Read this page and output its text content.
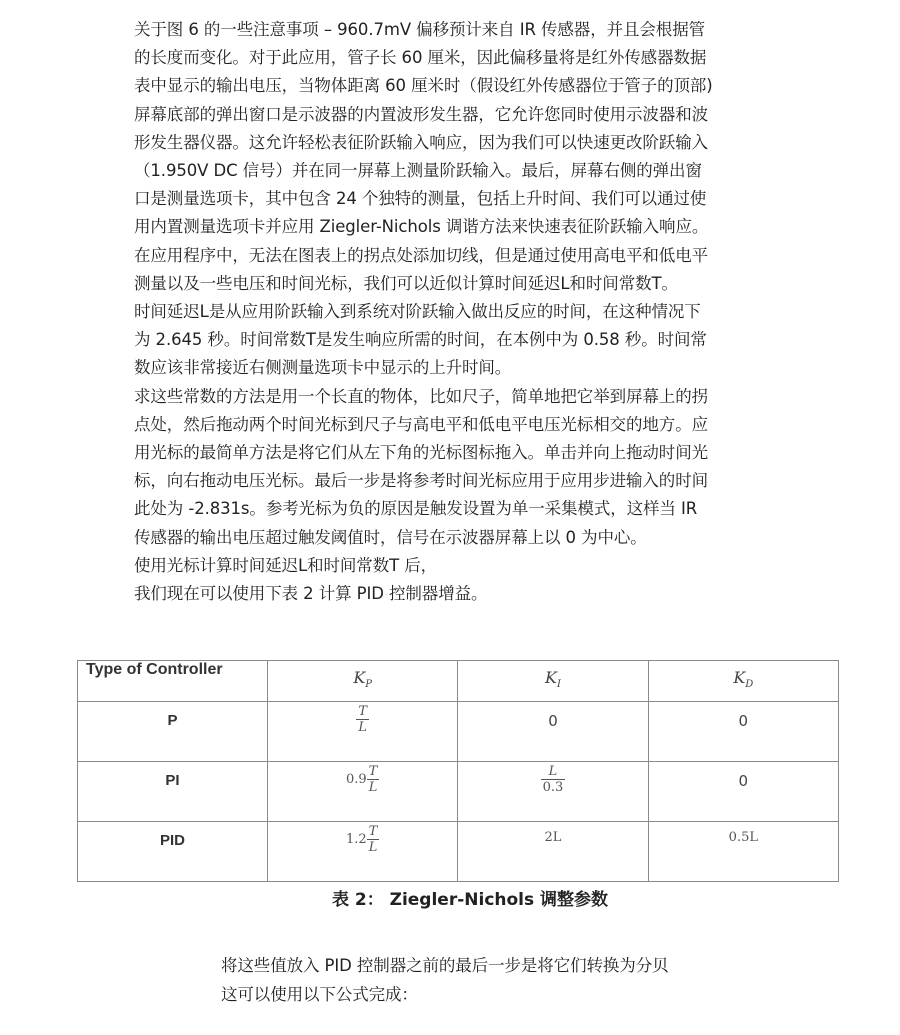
关于图 6 的一些注意事项 – 960.7mV 偏移预计来自 IR 传感器，并且会根据管
的长度而变化。对于此应用，管子长 60 厘米，因此偏移量将是红外传感器数据
表中显示的输出电压，当物体距离 60 厘米时（假设红外传感器位于管子的顶部)
屏幕底部的弹出窗口是示波器的内置波形发生器，它允许您同时使用示波器和波
形发生器仪器。这允许轻松表征阶跃输入响应，因为我们可以快速更改阶跃输入
（1.950V DC 信号）并在同一屏幕上测量阶跃输入。最后，屏幕右侧的弹出窗
口是测量选项卡，其中包含 24 个独特的测量，包括上升时间、我们可以通过使
用内置测量选项卡并应用 Ziegler-Nichols 调谐方法来快速表征阶跃输入响应。
在应用程序中，无法在图表上的拐点处添加切线，但是通过使用高电平和低电平
测量以及一些电压和时间光标，我们可以近似计算时间延迟L和时间常数T。
时间延迟L是从应用阶跃输入到系统对阶跃输入做出反应的时间，在这种情况下
为 2.645 秒。时间常数T是发生响应所需的时间，在本例中为 0.58 秒。时间常
数应该非常接近右侧测量选项卡中显示的上升时间。
求这些常数的方法是用一个长直的物体，比如尺子，简单地把它举到屏幕上的拐
点处，然后拖动两个时间光标到尺子与高电平和低电平电压光标相交的地方。应
用光标的最简单方法是将它们从左下角的光标图标拖入。单击并向上拖动时间光
标，向右拖动电压光标。最后一步是将参考时间光标应用于应用步进输入的时间
此处为 -2.831s。参考光标为负的原因是触发设置为单一采集模式，这样当 IR
传感器的输出电压超过触发阈值时，信号在示波器屏幕上以 0 为中心。
使用光标计算时间延迟L和时间常数T 后，
我们现在可以使用下表 2 计算 PID 控制器增益。
Type of Controller	$K_P$	$K_I$	$K_D$
P	$\frac{T}{L}$	0	0
PI	$0.9 \frac{T}{L}$	$\frac{L}{0.3}$	0
PID	$1.2 \frac{T}{L}$	2L	0.5L
表 2： Ziegler-Nichols 调整参数
将这些值放入 PID 控制器之前的最后一步是将它们转换为分贝
这可以使用以下公式完成：
